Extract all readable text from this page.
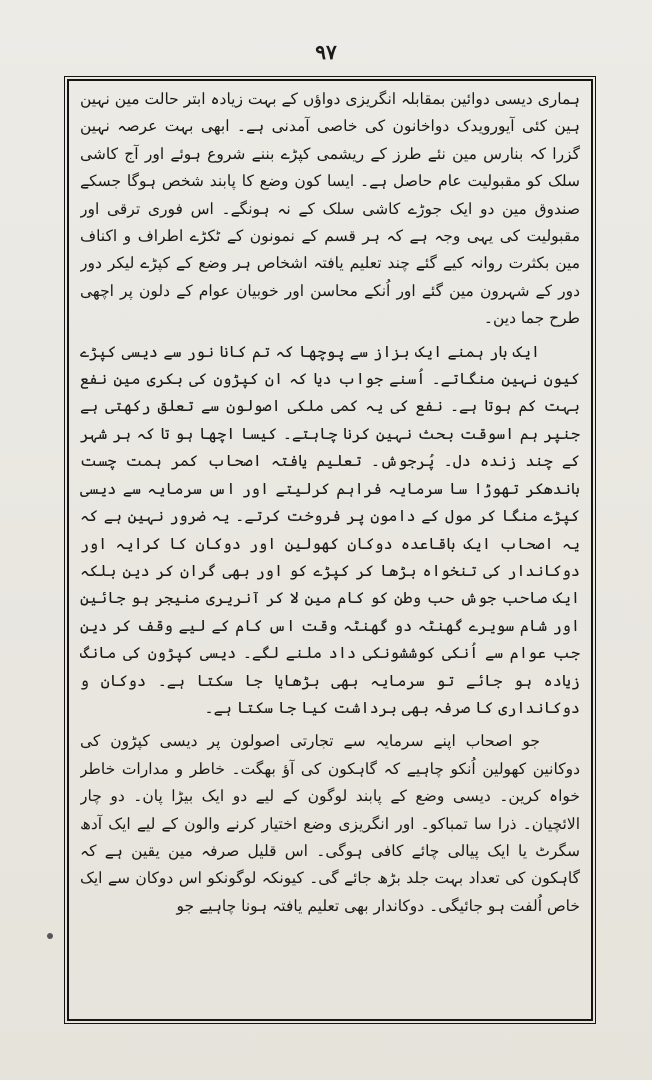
۹۷

ہماری دیسی دوائین بمقابلہ انگریزی دواؤں کے بہت زیادہ ابتر حالت مین نہین ہین کئی آیورویدک دواخانون کی خاصی آمدنی ہے۔ ابھی بہت عرصہ نہین گزرا کہ بنارس مین نئے طرز کے ریشمی کپڑے بننے شروع ہوئے اور آج کاشی سلک کو مقبولیت عام حاصل ہے۔ ایسا کون وضع کا پابند شخص ہوگا جسکے صندوق مین دو ایک جوڑے کاشی سلک کے نہ ہونگے۔ اس فوری ترقی اور مقبولیت کی یہی وجہ ہے کہ ہر قسم کے نمونون کے ٹکڑے اطراف و اکناف مین بکثرت روانہ کیے گئے چند تعلیم یافتہ اشخاص ہر وضع کے کپڑے لیکر دور دور کے شہرون مین گئے اور اُنکے محاسن اور خوبیان عوام کے دلون پر اچھی طرح جما دین۔

ایک بار ہمنے ایک بزاز سے پوچھا کہ تم کانا نور سے دیسی کپڑے کیون نہین منگاتے۔ اُسنے جواب دیا کہ ان کپڑون کی بکری مین نفع بہت کم ہوتا ہے۔ نفع کی یہ کمی ملکی اصولون سے تعلق رکھتی ہے جنپر ہم اسوقت بحث نہین کرنا چاہتے۔ کیسا اچھا ہو تا کہ ہر شہر کے چند زندہ دل۔ پُرجوش۔ تعلیم یافتہ اصحاب کمر ہمت چست باندھکر تھوڑا سا سرمایہ فراہم کرلیتے اور اس سرمایہ سے دیسی کپڑے منگا کر مول کے دامون پر فروخت کرتے۔ یہ ضرور نہین ہے کہ یہ اصحاب ایک باقاعدہ دوکان کھولین اور دوکان کا کرایہ اور دوکاندار کی تنخواہ بڑھا کر کپڑے کو اور بھی گران کر دین بلکہ ایک صاحب جوش حب وطن کو کام مین لا کر آنریری منیجر ہو جائین اور شام سویرے گھنٹہ دو گھنٹہ وقت اس کام کے لیے وقف کر دین جب عوام سے اُنکی کوششونکی داد ملنے لگے۔ دیسی کپڑون کی مانگ زیادہ ہو جائے تو سرمایہ بھی بڑھایا جا سکتا ہے۔ دوکان و دوکانداری کا صرفہ بھی برداشت کیا جا سکتا ہے۔

جو اصحاب اپنے سرمایہ سے تجارتی اصولون پر دیسی کپڑون کی دوکانین کھولین اُنکو چاہیے کہ گاہکون کی آؤ بھگت۔ خاطر و مدارات خاطر خواہ کرین۔ دیسی وضع کے پابند لوگون کے لیے دو ایک بیڑا پان۔ دو چار الائچیان۔ ذرا سا تمباکو۔ اور انگریزی وضع اختیار کرنے والون کے لیے ایک آدھ سگرٹ یا ایک پیالی چائے کافی ہوگی۔ اس قلیل صرفہ مین یقین ہے کہ گاہکون کی تعداد بہت جلد بڑھ جائے گی۔ کیونکہ لوگونکو اس دوکان سے ایک خاص اُلفت ہو جائیگی۔ دوکاندار بھی تعلیم یافتہ ہونا چاہیے جو
